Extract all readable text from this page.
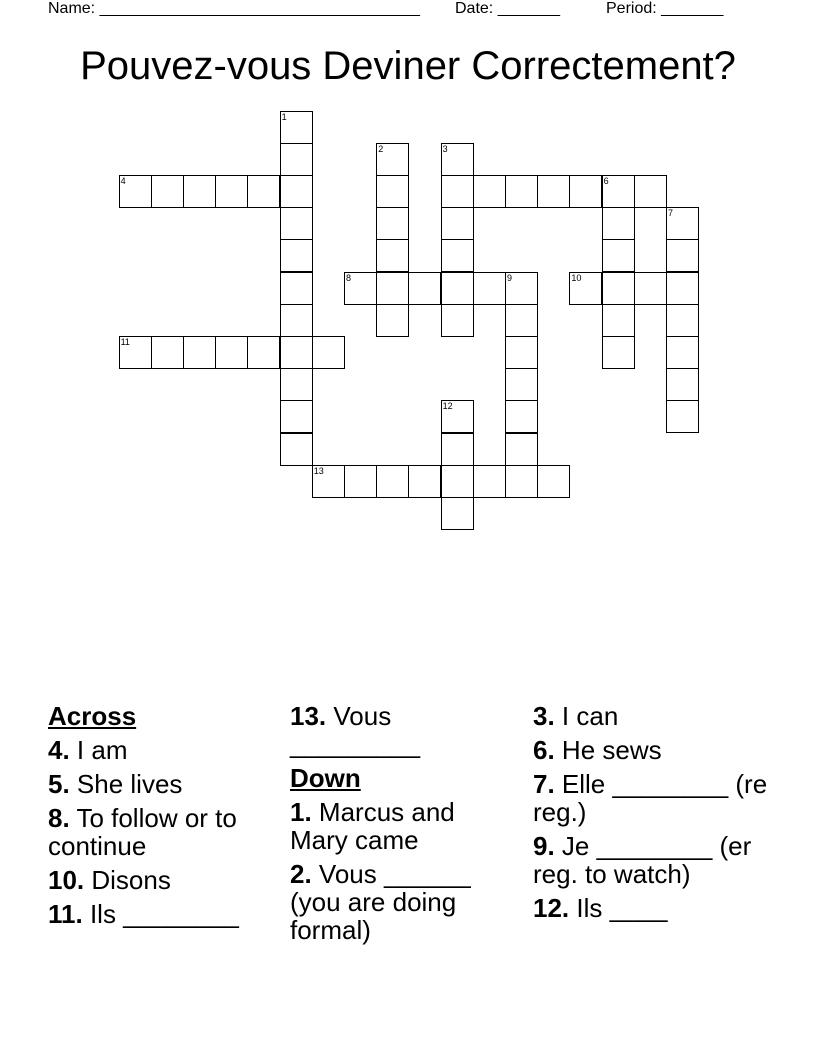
Name: ____________________________________

Date: _______

	Period: _______

Pouvez-vous Deviner Correctement?
1
2	3
4	6
7
8	9	10
11
12
13
Across
4. I am
5. She lives
8. To follow or to continue
10. Disons
11. Ils ________
13. Vous _________
Down
1. Marcus and Mary came
2. Vous ______ (you are doing formal)
3. I can
6. He sews
7. Elle ________ (re reg.)
9. Je ________ (er reg. to watch)
12. Ils ____
